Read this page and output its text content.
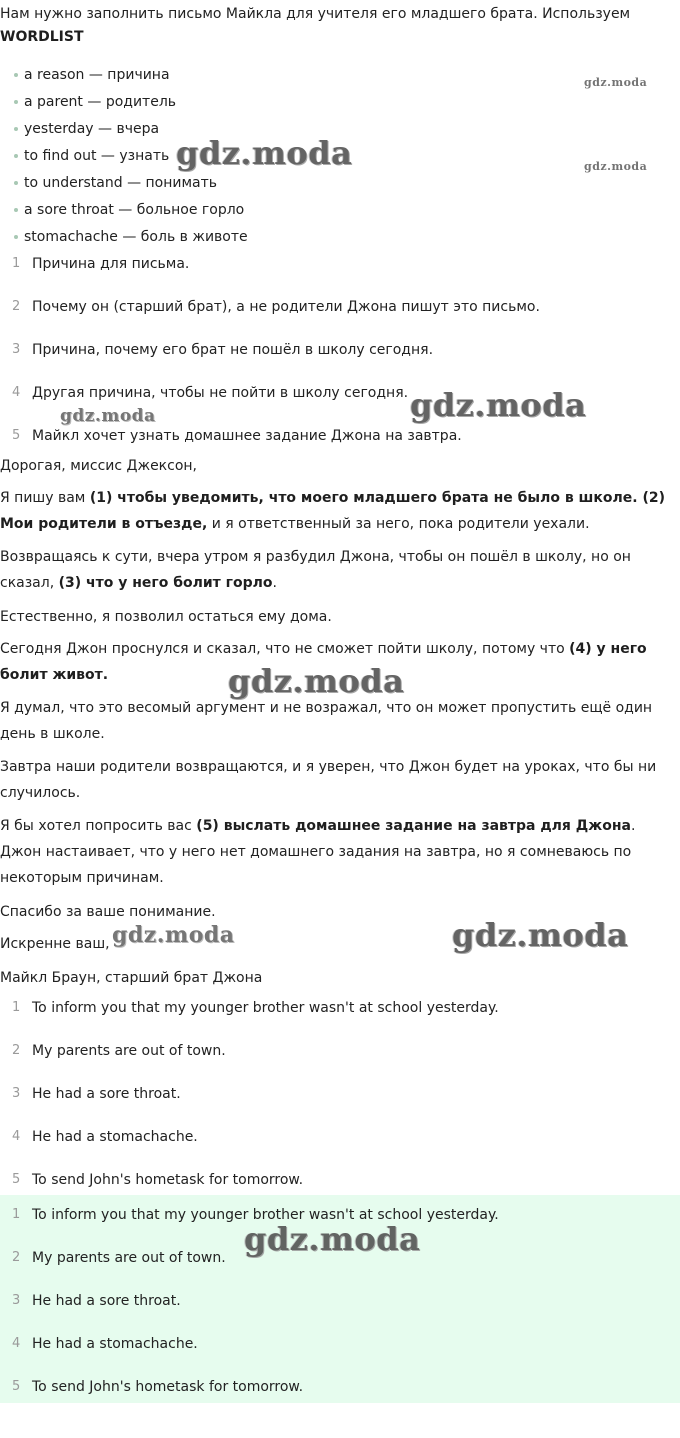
Нам нужно заполнить письмо Майкла для учителя его младшего брата. Используем
WORDLIST
a reason — причина
a parent — родитель
yesterday — вчера
to find out — узнать
to understand — понимать
a sore throat — больное горло
stomachache — боль в животе
1 Причина для письма.
2 Почему он (старший брат), а не родители Джона пишут это письмо.
3 Причина, почему его брат не пошёл в школу сегодня.
4 Другая причина, чтобы не пойти в школу сегодня.
5 Майкл хочет узнать домашнее задание Джона на завтра.
Дорогая, миссис Джексон,
Я пишу вам (1) чтобы уведомить, что моего младшего брата не было в школе. (2) Мои родители в отъезде, и я ответственный за него, пока родители уехали.
Возвращаясь к сути, вчера утром я разбудил Джона, чтобы он пошёл в школу, но он сказал, (3) что у него болит горло.
Естественно, я позволил остаться ему дома.
Сегодня Джон проснулся и сказал, что не сможет пойти школу, потому что (4) у него болит живот.
Я думал, что это весомый аргумент и не возражал, что он может пропустить ещё один день в школе.
Завтра наши родители возвращаются, и я уверен, что Джон будет на уроках, что бы ни случилось.
Я бы хотел попросить вас (5) выслать домашнее задание на завтра для Джона. Джон настаивает, что у него нет домашнего задания на завтра, но я сомневаюсь по некоторым причинам.
Спасибо за ваше понимание.
Искренне ваш,
Майкл Браун, старший брат Джона
1 To inform you that my younger brother wasn't at school yesterday.
2 My parents are out of town.
3 He had a sore throat.
4 He had a stomachache.
5 To send John's hometask for tomorrow.
1 To inform you that my younger brother wasn't at school yesterday.
2 My parents are out of town.
3 He had a sore throat.
4 He had a stomachache.
5 To send John's hometask for tomorrow.
gdz.moda
gdz.moda
gdz.moda
gdz.moda
gdz.moda
gdz.moda
gdz.moda	gdz.moda
gdz.moda
